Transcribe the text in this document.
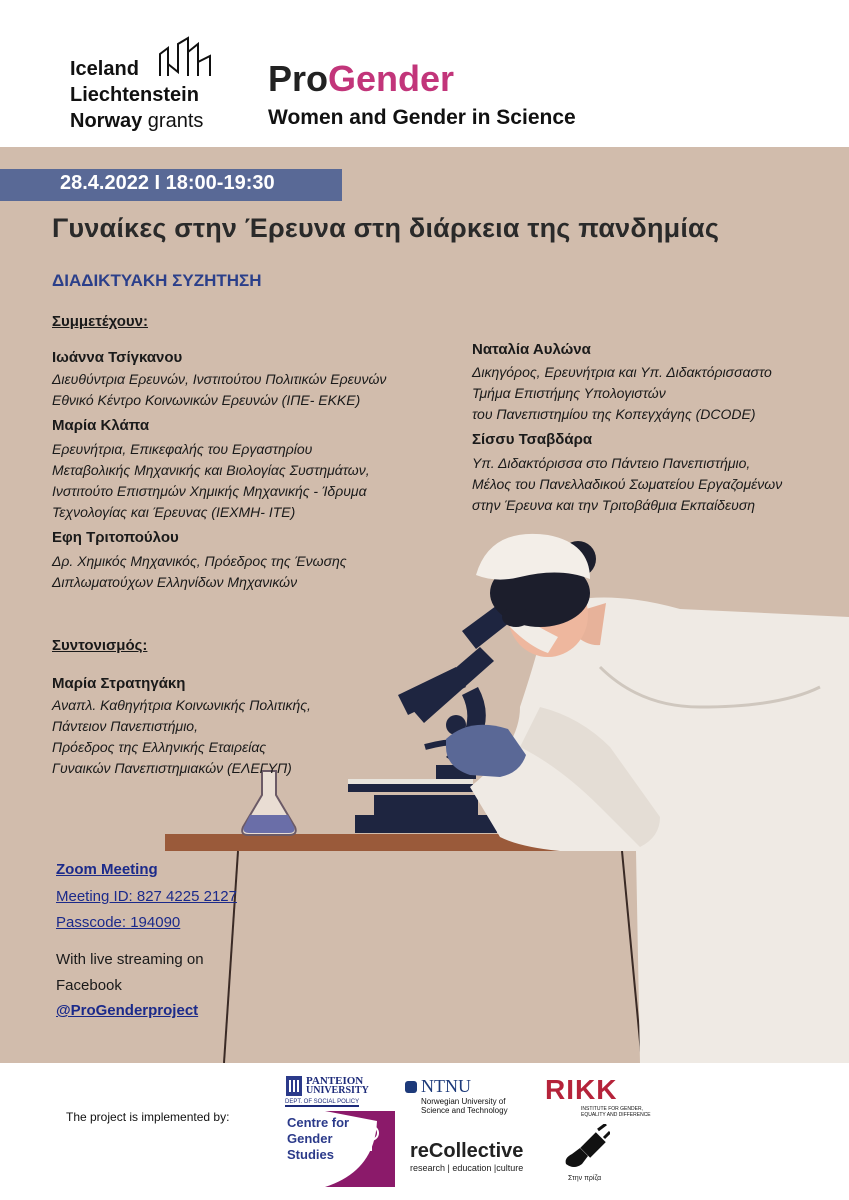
Iceland
Liechtenstein
Norway grants
ProGender
Women and Gender in Science
28.4.2022 I 18:00-19:30
Γυναίκες στην Έρευνα στη διάρκεια της πανδημίας
ΔΙΑΔΙΚΤΥΑΚΗ ΣΥΖΗΤΗΣΗ
Συμμετέχουν:
Ιωάννα Τσίγκανου
Διευθύντρια Ερευνών, Ινστιτούτου Πολιτικών Ερευνών
Εθνικό Κέντρο Κοινωνικών Ερευνών (ΙΠΕ- ΕΚΚΕ)
Μαρία Κλάπα
Ερευνήτρια, Επικεφαλής του Εργαστηρίου
Μεταβολικής Μηχανικής και Βιολογίας Συστημάτων,
Ινστιτούτο Επιστημών Χημικής Μηχανικής - Ίδρυμα
Τεχνολογίας και Έρευνας (ΙΕΧΜΗ- ΙΤΕ)
Εφη Τριτοπούλου
Δρ. Χημικός Μηχανικός, Πρόεδρος της Ένωσης
Διπλωματούχων Ελληνίδων Μηχανικών
Ναταλία Αυλώνα
Δικηγόρος, Ερευνήτρια και Υπ. Διδακτόρισσαστο
Τμήμα Επιστήμης Υπολογιστών
του Πανεπιστημίου της Κοπεγχάγης (DCODE)
Σίσσυ Τσαβδάρα
Υπ. Διδακτόρισσα στο Πάντειο Πανεπιστήμιο,
Μέλος του Πανελλαδικού Σωματείου Εργαζομένων
στην Έρευνα και την Τριτοβάθμια Εκπαίδευση
Συντονισμός:
Μαρία Στρατηγάκη
Αναπλ. Καθηγήτρια Κοινωνικής Πολιτικής,
Πάντειον Πανεπιστήμιο,
Πρόεδρος της Ελληνικής Εταιρείας
Γυναικών Πανεπιστημιακών (ΕΛΕΓΥΠ)
Zoom Meeting
Meeting ID: 827 4225 2127
Passcode: 194090
With live streaming on
Facebook
@ProGenderproject
The project is implemented by:
PANTEION
UNIVERSITY
DEPT. OF SOCIAL POLICY
Centre for
Gender
Studies
NTNU
Norwegian University of
Science and Technology
RIKK
INSTITUTE FOR GENDER,
EQUALITY AND DIFFERENCE
reCollective
research | education |culture
Στην πρίζα
